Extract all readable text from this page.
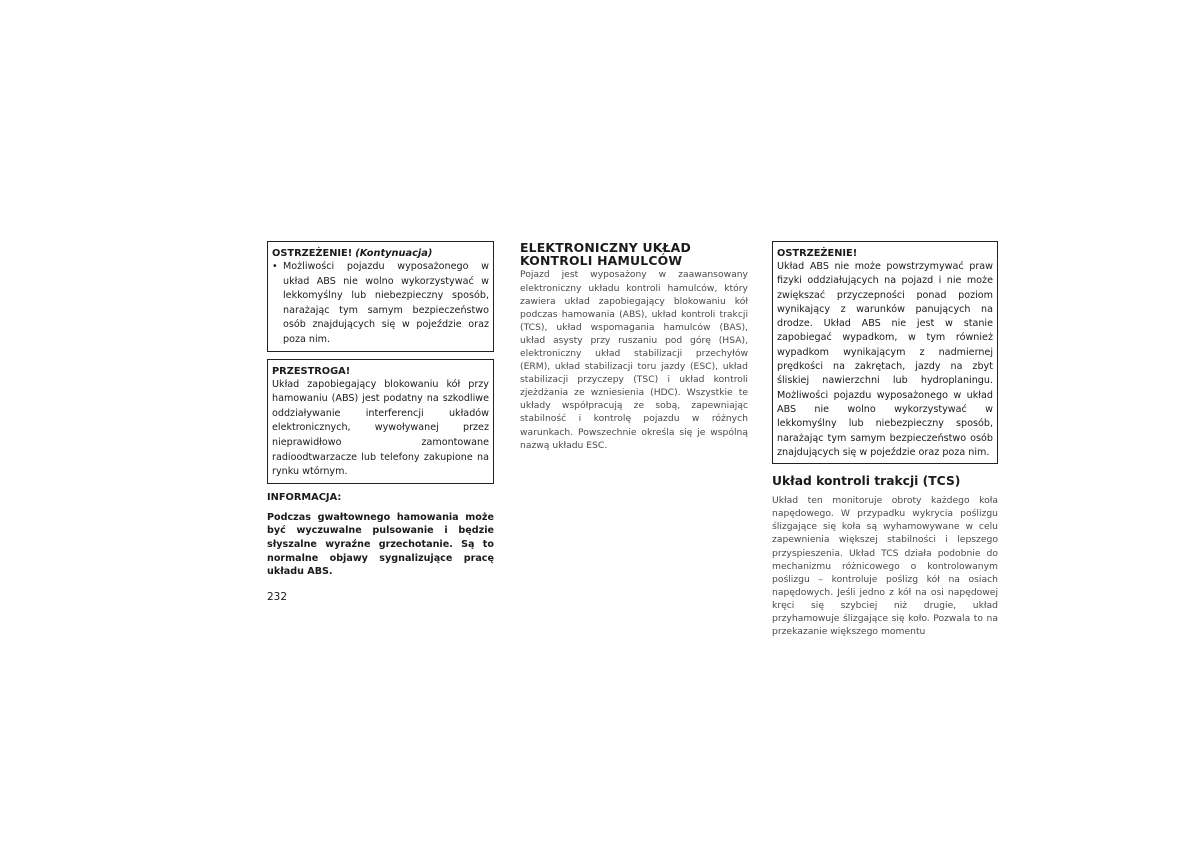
OSTRZEŻENIE! (Kontynuacja)
• Możliwości pojazdu wyposażonego w układ ABS nie wolno wykorzystywać w lekkomyślny lub niebezpieczny sposób, narażając tym samym bezpieczeństwo osób znajdujących się w pojeździe oraz poza nim.
PRZESTROGA!
Układ zapobiegający blokowaniu kół przy hamowaniu (ABS) jest podatny na szkodliwe oddziaływanie interferencji układów elektronicznych, wywoływanej przez nieprawidłowo zamontowane radioodtwarzacze lub telefony zakupione na rynku wtórnym.
INFORMACJA:
Podczas gwałtownego hamowania może być wyczuwalne pulsowanie i będzie słyszalne wyraźne grzechotanie. Są to normalne objawy sygnalizujące pracę układu ABS.
ELEKTRONICZNY UKŁAD
KONTROLI HAMULCÓW
Pojazd jest wyposażony w zaawansowany elektroniczny układu kontroli hamulców, który zawiera układ zapobiegający blokowaniu kół podczas hamowania (ABS), układ kontroli trakcji (TCS), układ wspomagania hamulców (BAS), układ asysty przy ruszaniu pod górę (HSA), elektroniczny układ stabilizacji przechyłów (ERM), układ stabilizacji toru jazdy (ESC), układ stabilizacji przyczepy (TSC) i układ kontroli zjeżdżania ze wzniesienia (HDC). Wszystkie te układy współpracują ze sobą, zapewniając stabilność i kontrolę pojazdu w różnych warunkach. Powszechnie określa się je wspólną nazwą układu ESC.
OSTRZEŻENIE!
Układ ABS nie może powstrzymywać praw fizyki oddziałujących na pojazd i nie może zwiększać przyczepności ponad poziom wynikający z warunków panujących na drodze. Układ ABS nie jest w stanie zapobiegać wypadkom, w tym również wypadkom wynikającym z nadmiernej prędkości na zakrętach, jazdy na zbyt śliskiej nawierzchni lub hydroplaningu. Możliwości pojazdu wyposażonego w układ ABS nie wolno wykorzystywać w lekkomyślny lub niebezpieczny sposób, narażając tym samym bezpieczeństwo osób znajdujących się w pojeździe oraz poza nim.
Układ kontroli trakcji (TCS)
Układ ten monitoruje obroty każdego koła napędowego. W przypadku wykrycia poślizgu ślizgające się koła są wyhamowywane w celu zapewnienia większej stabilności i lepszego przyspieszenia. Układ TCS działa podobnie do mechanizmu różnicowego o kontrolowanym poślizgu – kontroluje poślizg kół na osiach napędowych. Jeśli jedno z kół na osi napędowej kręci się szybciej niż drugie, układ przyhamowuje ślizgające się koło. Pozwala to na przekazanie większego momentu
232
